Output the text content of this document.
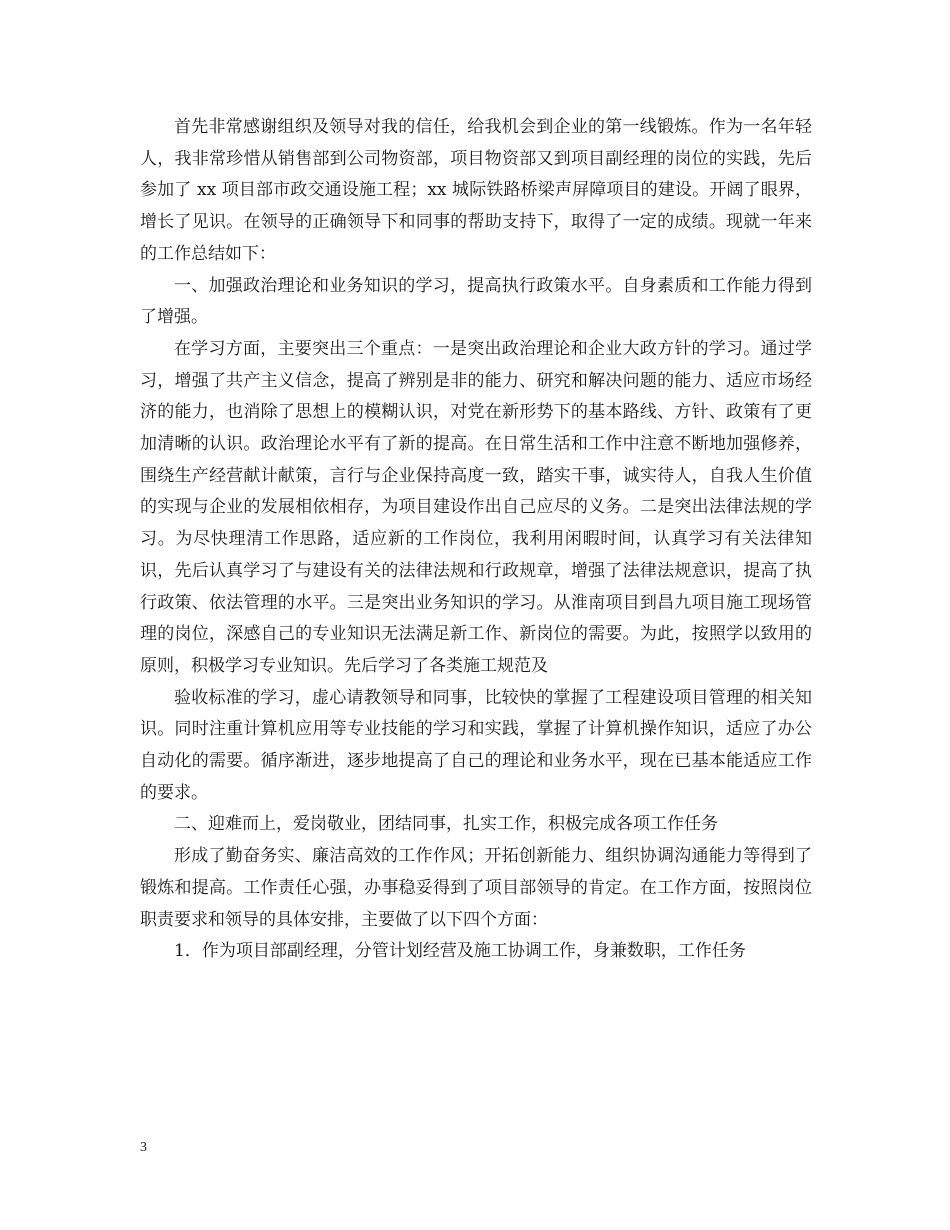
首先非常感谢组织及领导对我的信任，给我机会到企业的第一线锻炼。作为一名年轻人，我非常珍惜从销售部到公司物资部，项目物资部又到项目副经理的岗位的实践，先后参加了 xx 项目部市政交通设施工程；xx 城际铁路桥梁声屏障项目的建设。开阔了眼界，增长了见识。在领导的正确领导下和同事的帮助支持下，取得了一定的成绩。现就一年来的工作总结如下：

一、加强政治理论和业务知识的学习，提高执行政策水平。自身素质和工作能力得到了增强。

在学习方面，主要突出三个重点：一是突出政治理论和企业大政方针的学习。通过学习，增强了共产主义信念，提高了辨别是非的能力、研究和解决问题的能力、适应市场经济的能力，也消除了思想上的模糊认识，对党在新形势下的基本路线、方针、政策有了更加清晰的认识。政治理论水平有了新的提高。在日常生活和工作中注意不断地加强修养，围绕生产经营献计献策，言行与企业保持高度一致，踏实干事，诚实待人，自我人生价值的实现与企业的发展相依相存，为项目建设作出自己应尽的义务。二是突出法律法规的学习。为尽快理清工作思路，适应新的工作岗位，我利用闲暇时间，认真学习有关法律知识，先后认真学习了与建设有关的法律法规和行政规章，增强了法律法规意识，提高了执行政策、依法管理的水平。三是突出业务知识的学习。从淮南项目到昌九项目施工现场管理的岗位，深感自己的专业知识无法满足新工作、新岗位的需要。为此，按照学以致用的原则，积极学习专业知识。先后学习了各类施工规范及

验收标准的学习，虚心请教领导和同事，比较快的掌握了工程建设项目管理的相关知识。同时注重计算机应用等专业技能的学习和实践，掌握了计算机操作知识，适应了办公自动化的需要。循序渐进，逐步地提高了自己的理论和业务水平，现在已基本能适应工作的要求。

二、迎难而上，爱岗敬业，团结同事，扎实工作，积极完成各项工作任务

形成了勤奋务实、廉洁高效的工作作风；开拓创新能力、组织协调沟通能力等得到了锻炼和提高。工作责任心强，办事稳妥得到了项目部领导的肯定。在工作方面，按照岗位职责要求和领导的具体安排，主要做了以下四个方面：

1．作为项目部副经理，分管计划经营及施工协调工作，身兼数职，工作任务

3
